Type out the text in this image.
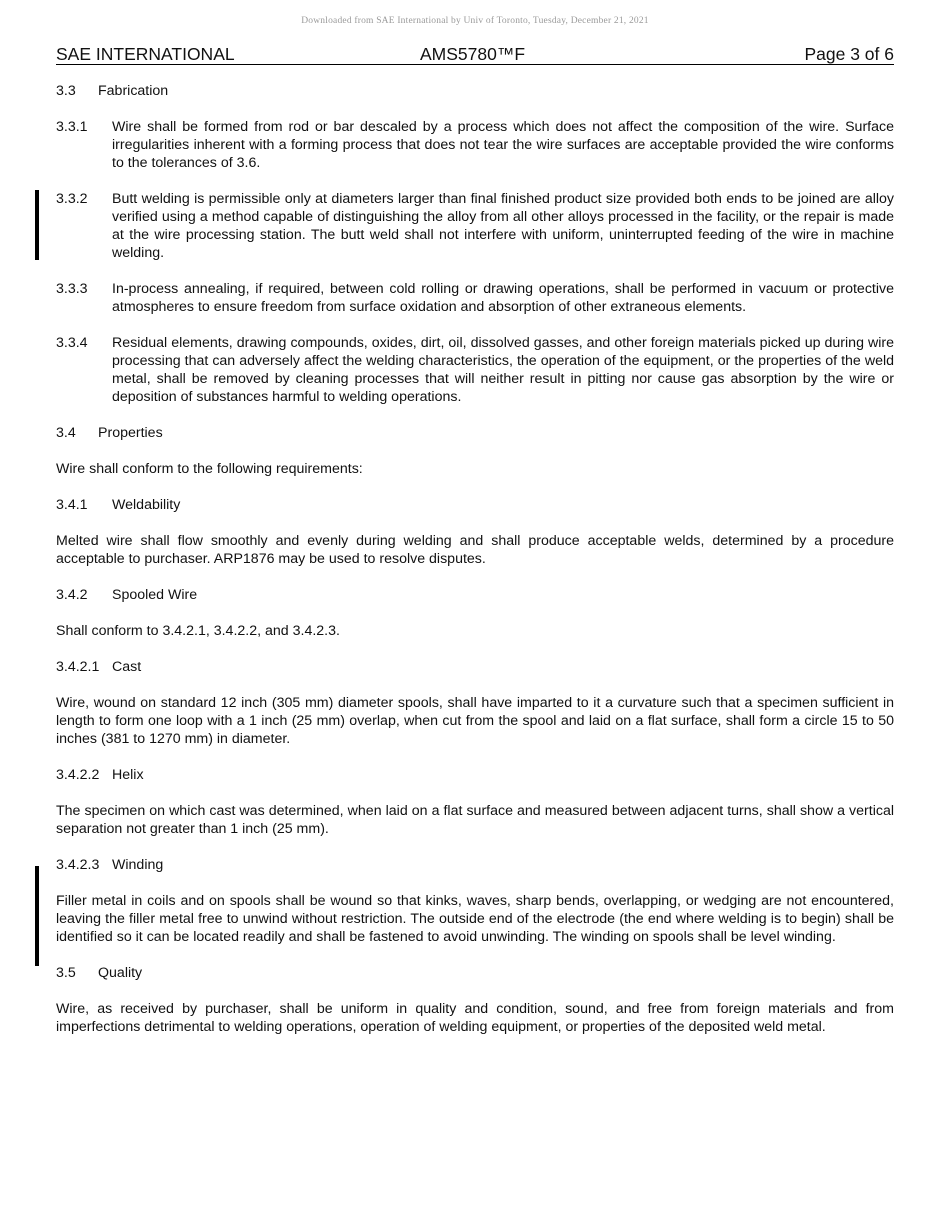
Downloaded from SAE International by Univ of Toronto, Tuesday, December 21, 2021
SAE INTERNATIONAL	AMS5780™F	Page 3 of 6
3.3 Fabrication
3.3.1	Wire shall be formed from rod or bar descaled by a process which does not affect the composition of the wire. Surface irregularities inherent with a forming process that does not tear the wire surfaces are acceptable provided the wire conforms to the tolerances of 3.6.
3.3.2	Butt welding is permissible only at diameters larger than final finished product size provided both ends to be joined are alloy verified using a method capable of distinguishing the alloy from all other alloys processed in the facility, or the repair is made at the wire processing station. The butt weld shall not interfere with uniform, uninterrupted feeding of the wire in machine welding.
3.3.3	In-process annealing, if required, between cold rolling or drawing operations, shall be performed in vacuum or protective atmospheres to ensure freedom from surface oxidation and absorption of other extraneous elements.
3.3.4	Residual elements, drawing compounds, oxides, dirt, oil, dissolved gasses, and other foreign materials picked up during wire processing that can adversely affect the welding characteristics, the operation of the equipment, or the properties of the weld metal, shall be removed by cleaning processes that will neither result in pitting nor cause gas absorption by the wire or deposition of substances harmful to welding operations.
3.4 Properties
Wire shall conform to the following requirements:
3.4.1 Weldability
Melted wire shall flow smoothly and evenly during welding and shall produce acceptable welds, determined by a procedure acceptable to purchaser. ARP1876 may be used to resolve disputes.
3.4.2 Spooled Wire
Shall conform to 3.4.2.1, 3.4.2.2, and 3.4.2.3.
3.4.2.1 Cast
Wire, wound on standard 12 inch (305 mm) diameter spools, shall have imparted to it a curvature such that a specimen sufficient in length to form one loop with a 1 inch (25 mm) overlap, when cut from the spool and laid on a flat surface, shall form a circle 15 to 50 inches (381 to 1270 mm) in diameter.
3.4.2.2 Helix
The specimen on which cast was determined, when laid on a flat surface and measured between adjacent turns, shall show a vertical separation not greater than 1 inch (25 mm).
3.4.2.3 Winding
Filler metal in coils and on spools shall be wound so that kinks, waves, sharp bends, overlapping, or wedging are not encountered, leaving the filler metal free to unwind without restriction. The outside end of the electrode (the end where welding is to begin) shall be identified so it can be located readily and shall be fastened to avoid unwinding. The winding on spools shall be level winding.
3.5 Quality
Wire, as received by purchaser, shall be uniform in quality and condition, sound, and free from foreign materials and from imperfections detrimental to welding operations, operation of welding equipment, or properties of the deposited weld metal.
